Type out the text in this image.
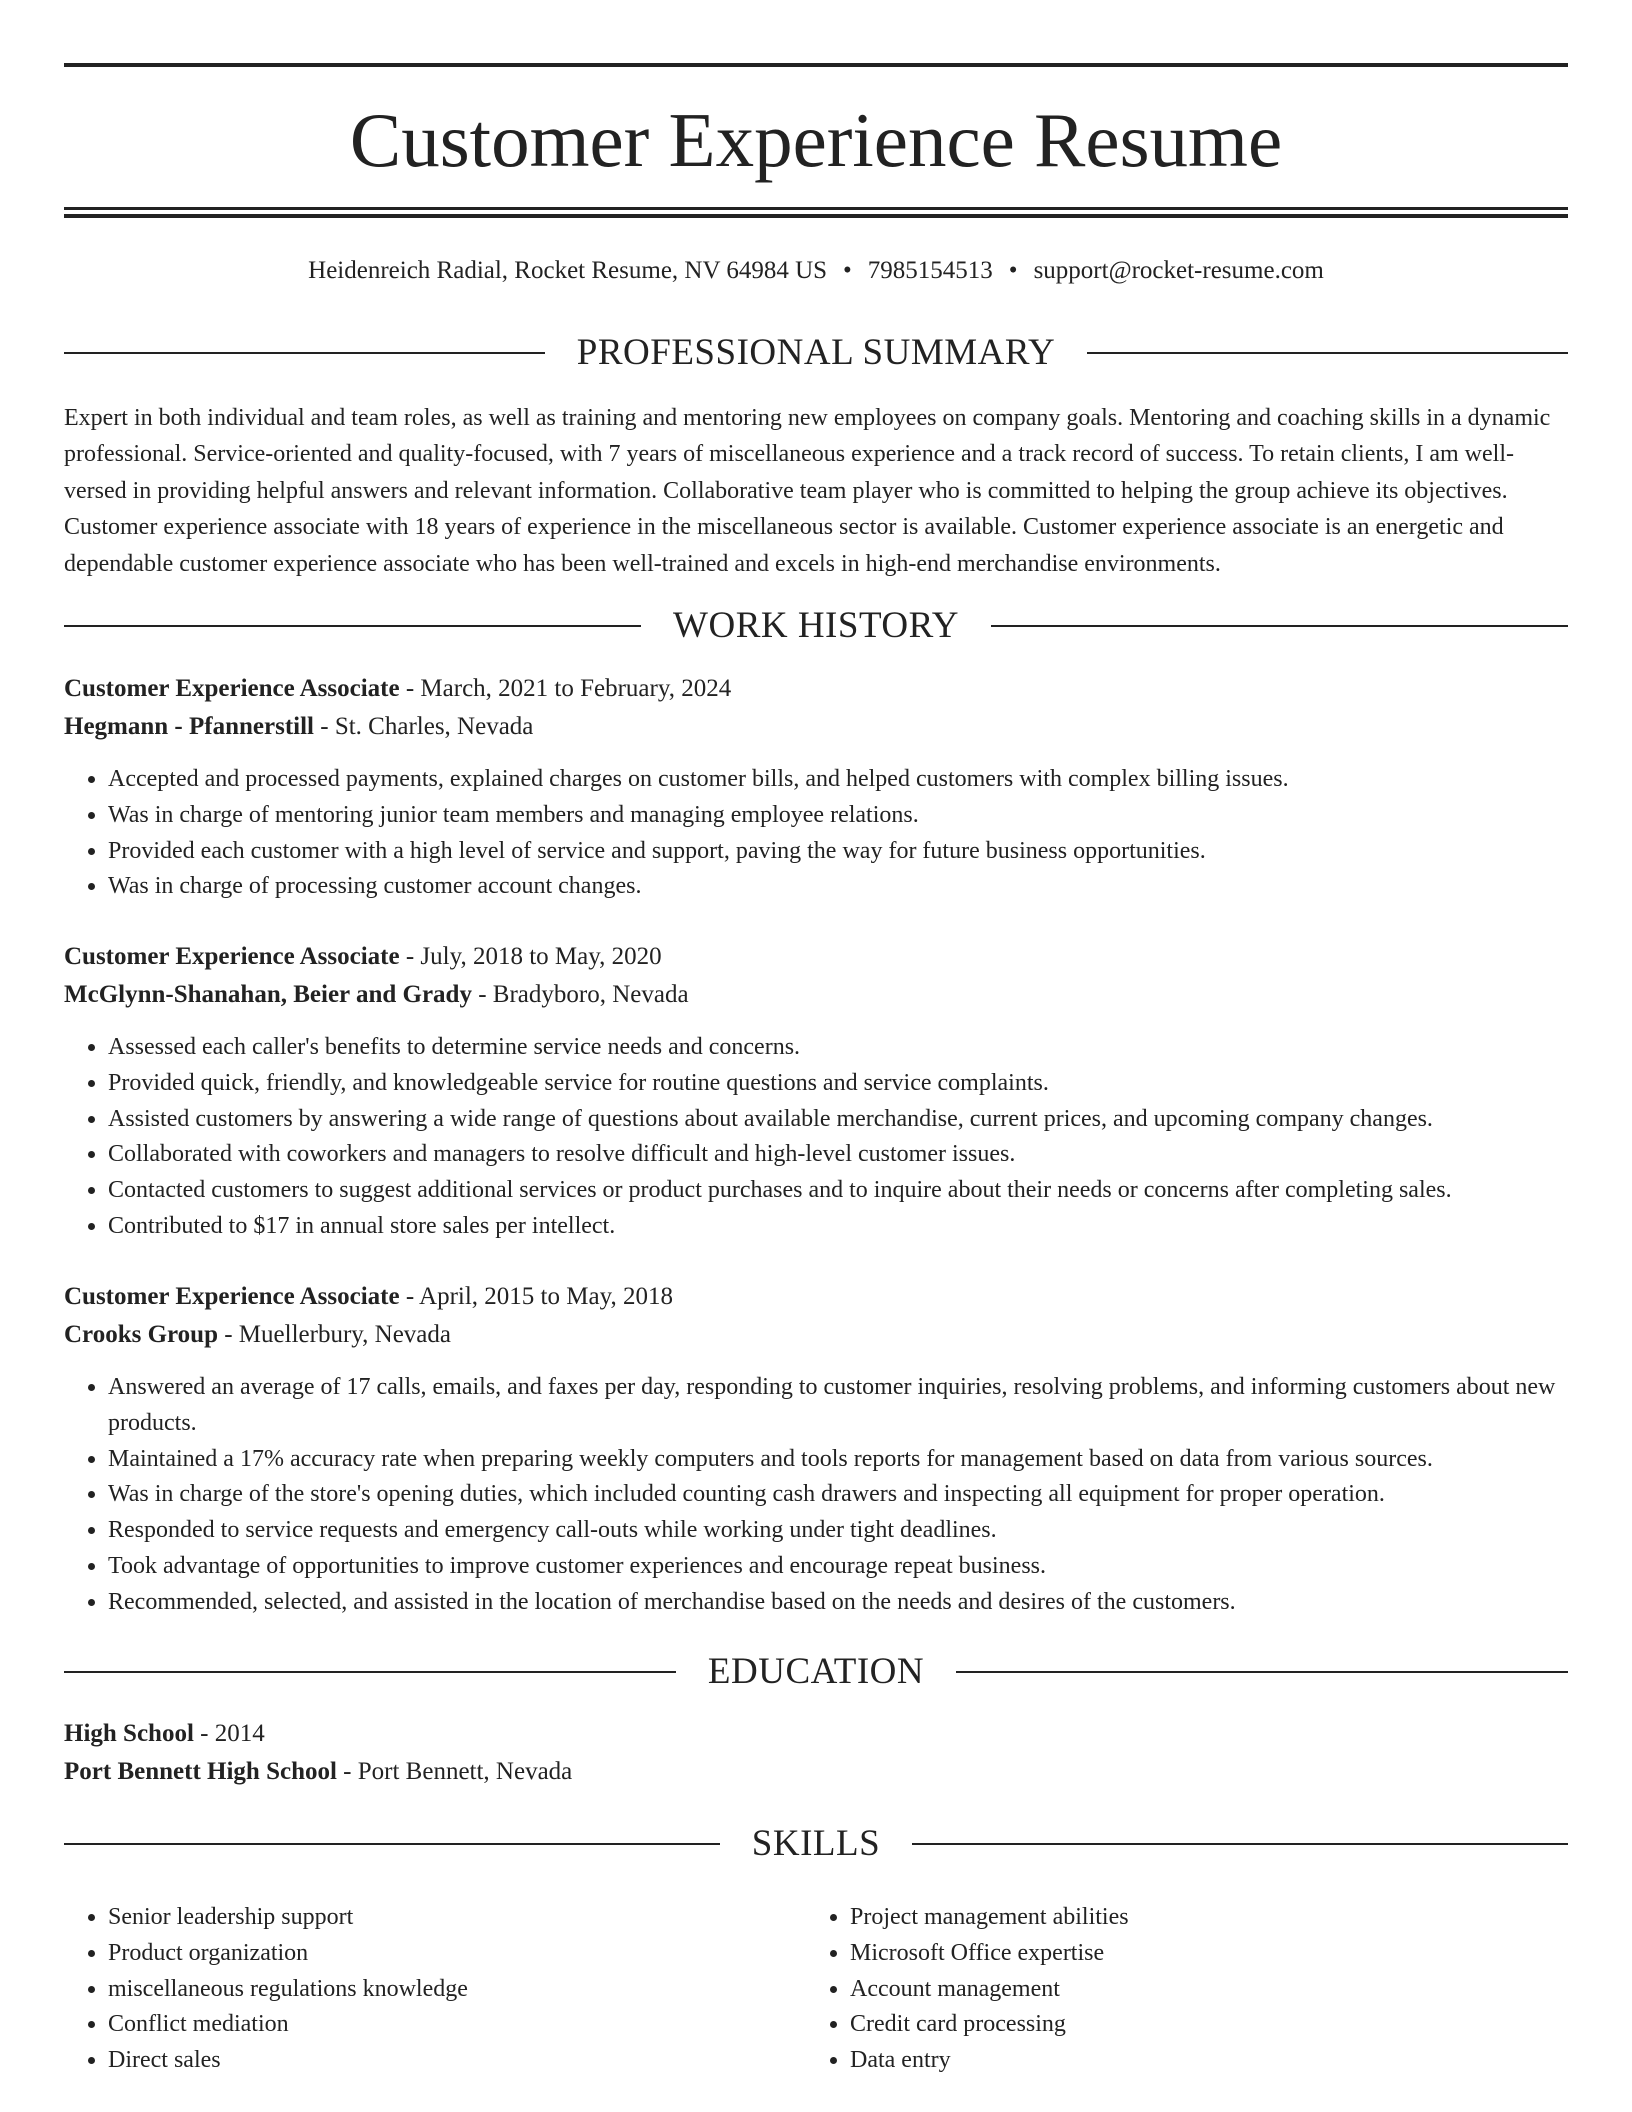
Customer Experience Resume
Heidenreich Radial, Rocket Resume, NV 64984 US • 7985154513 • support@rocket-resume.com
PROFESSIONAL SUMMARY

Expert in both individual and team roles, as well as training and mentoring new employees on company goals. Mentoring and coaching skills in a dynamic professional. Service-oriented and quality-focused, with 7 years of miscellaneous experience and a track record of success. To retain clients, I am well-versed in providing helpful answers and relevant information. Collaborative team player who is committed to helping the group achieve its objectives. Customer experience associate with 18 years of experience in the miscellaneous sector is available. Customer experience associate is an energetic and dependable customer experience associate who has been well-trained and excels in high-end merchandise environments.

WORK HISTORY
Customer Experience Associate - March, 2021 to February, 2024
Hegmann - Pfannerstill - St. Charles, Nevada
• Accepted and processed payments, explained charges on customer bills, and helped customers with complex billing issues.
• Was in charge of mentoring junior team members and managing employee relations.
• Provided each customer with a high level of service and support, paving the way for future business opportunities.
• Was in charge of processing customer account changes.
Customer Experience Associate - July, 2018 to May, 2020
McGlynn-Shanahan, Beier and Grady - Bradyboro, Nevada
• Assessed each caller's benefits to determine service needs and concerns.
• Provided quick, friendly, and knowledgeable service for routine questions and service complaints.
• Assisted customers by answering a wide range of questions about available merchandise, current prices, and upcoming company changes.
• Collaborated with coworkers and managers to resolve difficult and high-level customer issues.
• Contacted customers to suggest additional services or product purchases and to inquire about their needs or concerns after completing sales.
• Contributed to $17 in annual store sales per intellect.
Customer Experience Associate - April, 2015 to May, 2018
Crooks Group - Muellerbury, Nevada
• Answered an average of 17 calls, emails, and faxes per day, responding to customer inquiries, resolving problems, and informing customers about new products.
• Maintained a 17% accuracy rate when preparing weekly computers and tools reports for management based on data from various sources.
• Was in charge of the store's opening duties, which included counting cash drawers and inspecting all equipment for proper operation.
• Responded to service requests and emergency call-outs while working under tight deadlines.
• Took advantage of opportunities to improve customer experiences and encourage repeat business.
• Recommended, selected, and assisted in the location of merchandise based on the needs and desires of the customers.
EDUCATION
High School - 2014
Port Bennett High School - Port Bennett, Nevada
SKILLS
• Senior leadership support
• Product organization
• miscellaneous regulations knowledge
• Conflict mediation
• Direct sales
• Project management abilities
• Microsoft Office expertise
• Account management
• Credit card processing
• Data entry
